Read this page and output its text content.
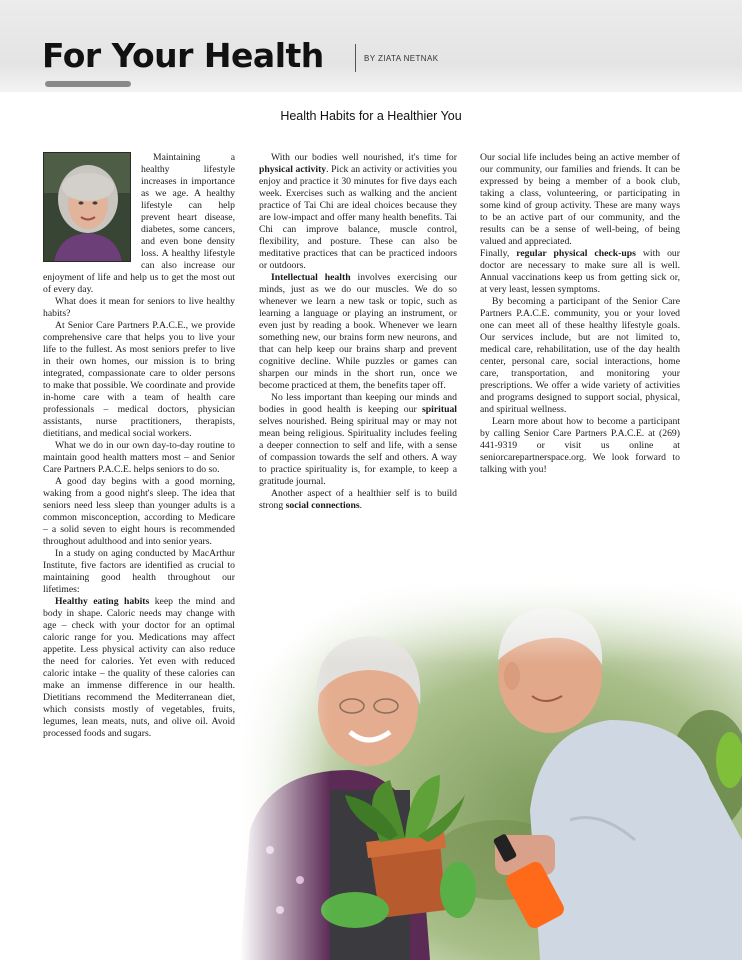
For Your Health	BY ZIATA NETNAK
Health Habits for a Healthier You

Maintaining a healthy lifestyle increases in importance as we age. A healthy lifestyle can help prevent heart disease, diabetes, some cancers, and even bone density loss. A healthy lifestyle can also increase our enjoyment of life and help us to get the most out of every day.

What does it mean for seniors to live healthy habits?

At Senior Care Partners P.A.C.E., we provide comprehensive care that helps you to live your life to the fullest. As most seniors prefer to live in their own homes, our mission is to bring integrated, compassionate care to older persons to make that possible. We coordinate and provide in-home care with a team of health care professionals – medical doctors, physician assistants, nurse practitioners, therapists, dietitians, and medical social workers.

What we do in our own day-to-day routine to maintain good health matters most – and Senior Care Partners P.A.C.E. helps seniors to do so.

A good day begins with a good morning, waking from a good night's sleep. The idea that seniors need less sleep than younger adults is a common misconception, according to Medicare – a solid seven to eight hours is recommended throughout adulthood and into senior years.

In a study on aging conducted by MacArthur Institute, five factors are identified as crucial to maintaining good health throughout our lifetimes:

Healthy eating habits keep the mind and body in shape. Caloric needs may change with age – check with your doctor for an optimal caloric range for you. Medications may affect appetite. Less physical activity can also reduce the need for calories. Yet even with reduced caloric intake – the quality of these calories can make an immense difference in our health. Dietitians recommend the Mediterranean diet, which consists mostly of vegetables, fruits, legumes, lean meats, nuts, and olive oil. Avoid processed foods and sugars.

With our bodies well nourished, it's time for physical activity. Pick an activity or activities you enjoy and practice it 30 minutes for five days each week. Exercises such as walking and the ancient practice of Tai Chi are ideal choices because they are low-impact and offer many health benefits. Tai Chi can improve balance, muscle control, flexibility, and posture. These can also be meditative practices that can be practiced indoors or outdoors.

Intellectual health involves exercising our minds, just as we do our muscles. We do so whenever we learn a new task or topic, such as learning a language or playing an instrument, or even just by reading a book. Whenever we learn something new, our brains form new neurons, and that can help keep our brains sharp and prevent cognitive decline. While puzzles or games can sharpen our minds in the short run, once we become practiced at them, the benefits taper off.

No less important than keeping our minds and bodies in good health is keeping our spiritual selves nourished. Being spiritual may or may not mean being religious. Spirituality includes feeling a deeper connection to self and life, with a sense of compassion towards the self and others. A way to practice spirituality is, for example, to keep a gratitude journal.

Another aspect of a healthier self is to build strong social connections.

Our social life includes being an active member of our community, our families and friends. It can be expressed by being a member of a book club, taking a class, volunteering, or participating in some kind of group activity. These are many ways to be an active part of our community, and the results can be a sense of well-being, of being valued and appreciated.

Finally, regular physical check-ups with our doctor are necessary to make sure all is well. Annual vaccinations keep us from getting sick or, at very least, lessen symptoms.

By becoming a participant of the Senior Care Partners P.A.C.E. community, you or your loved one can meet all of these healthy lifestyle goals. Our services include, but are not limited to, medical care, rehabilitation, use of the day health center, personal care, social interactions, home care, transportation, and monitoring your prescriptions. We offer a wide variety of activities and programs designed to support social, physical, and spiritual wellness.

Learn more about how to become a participant by calling Senior Care Partners P.A.C.E. at (269) 441-9319 or visit us online at seniorcarepartnerspace.org. We look forward to talking with you!
